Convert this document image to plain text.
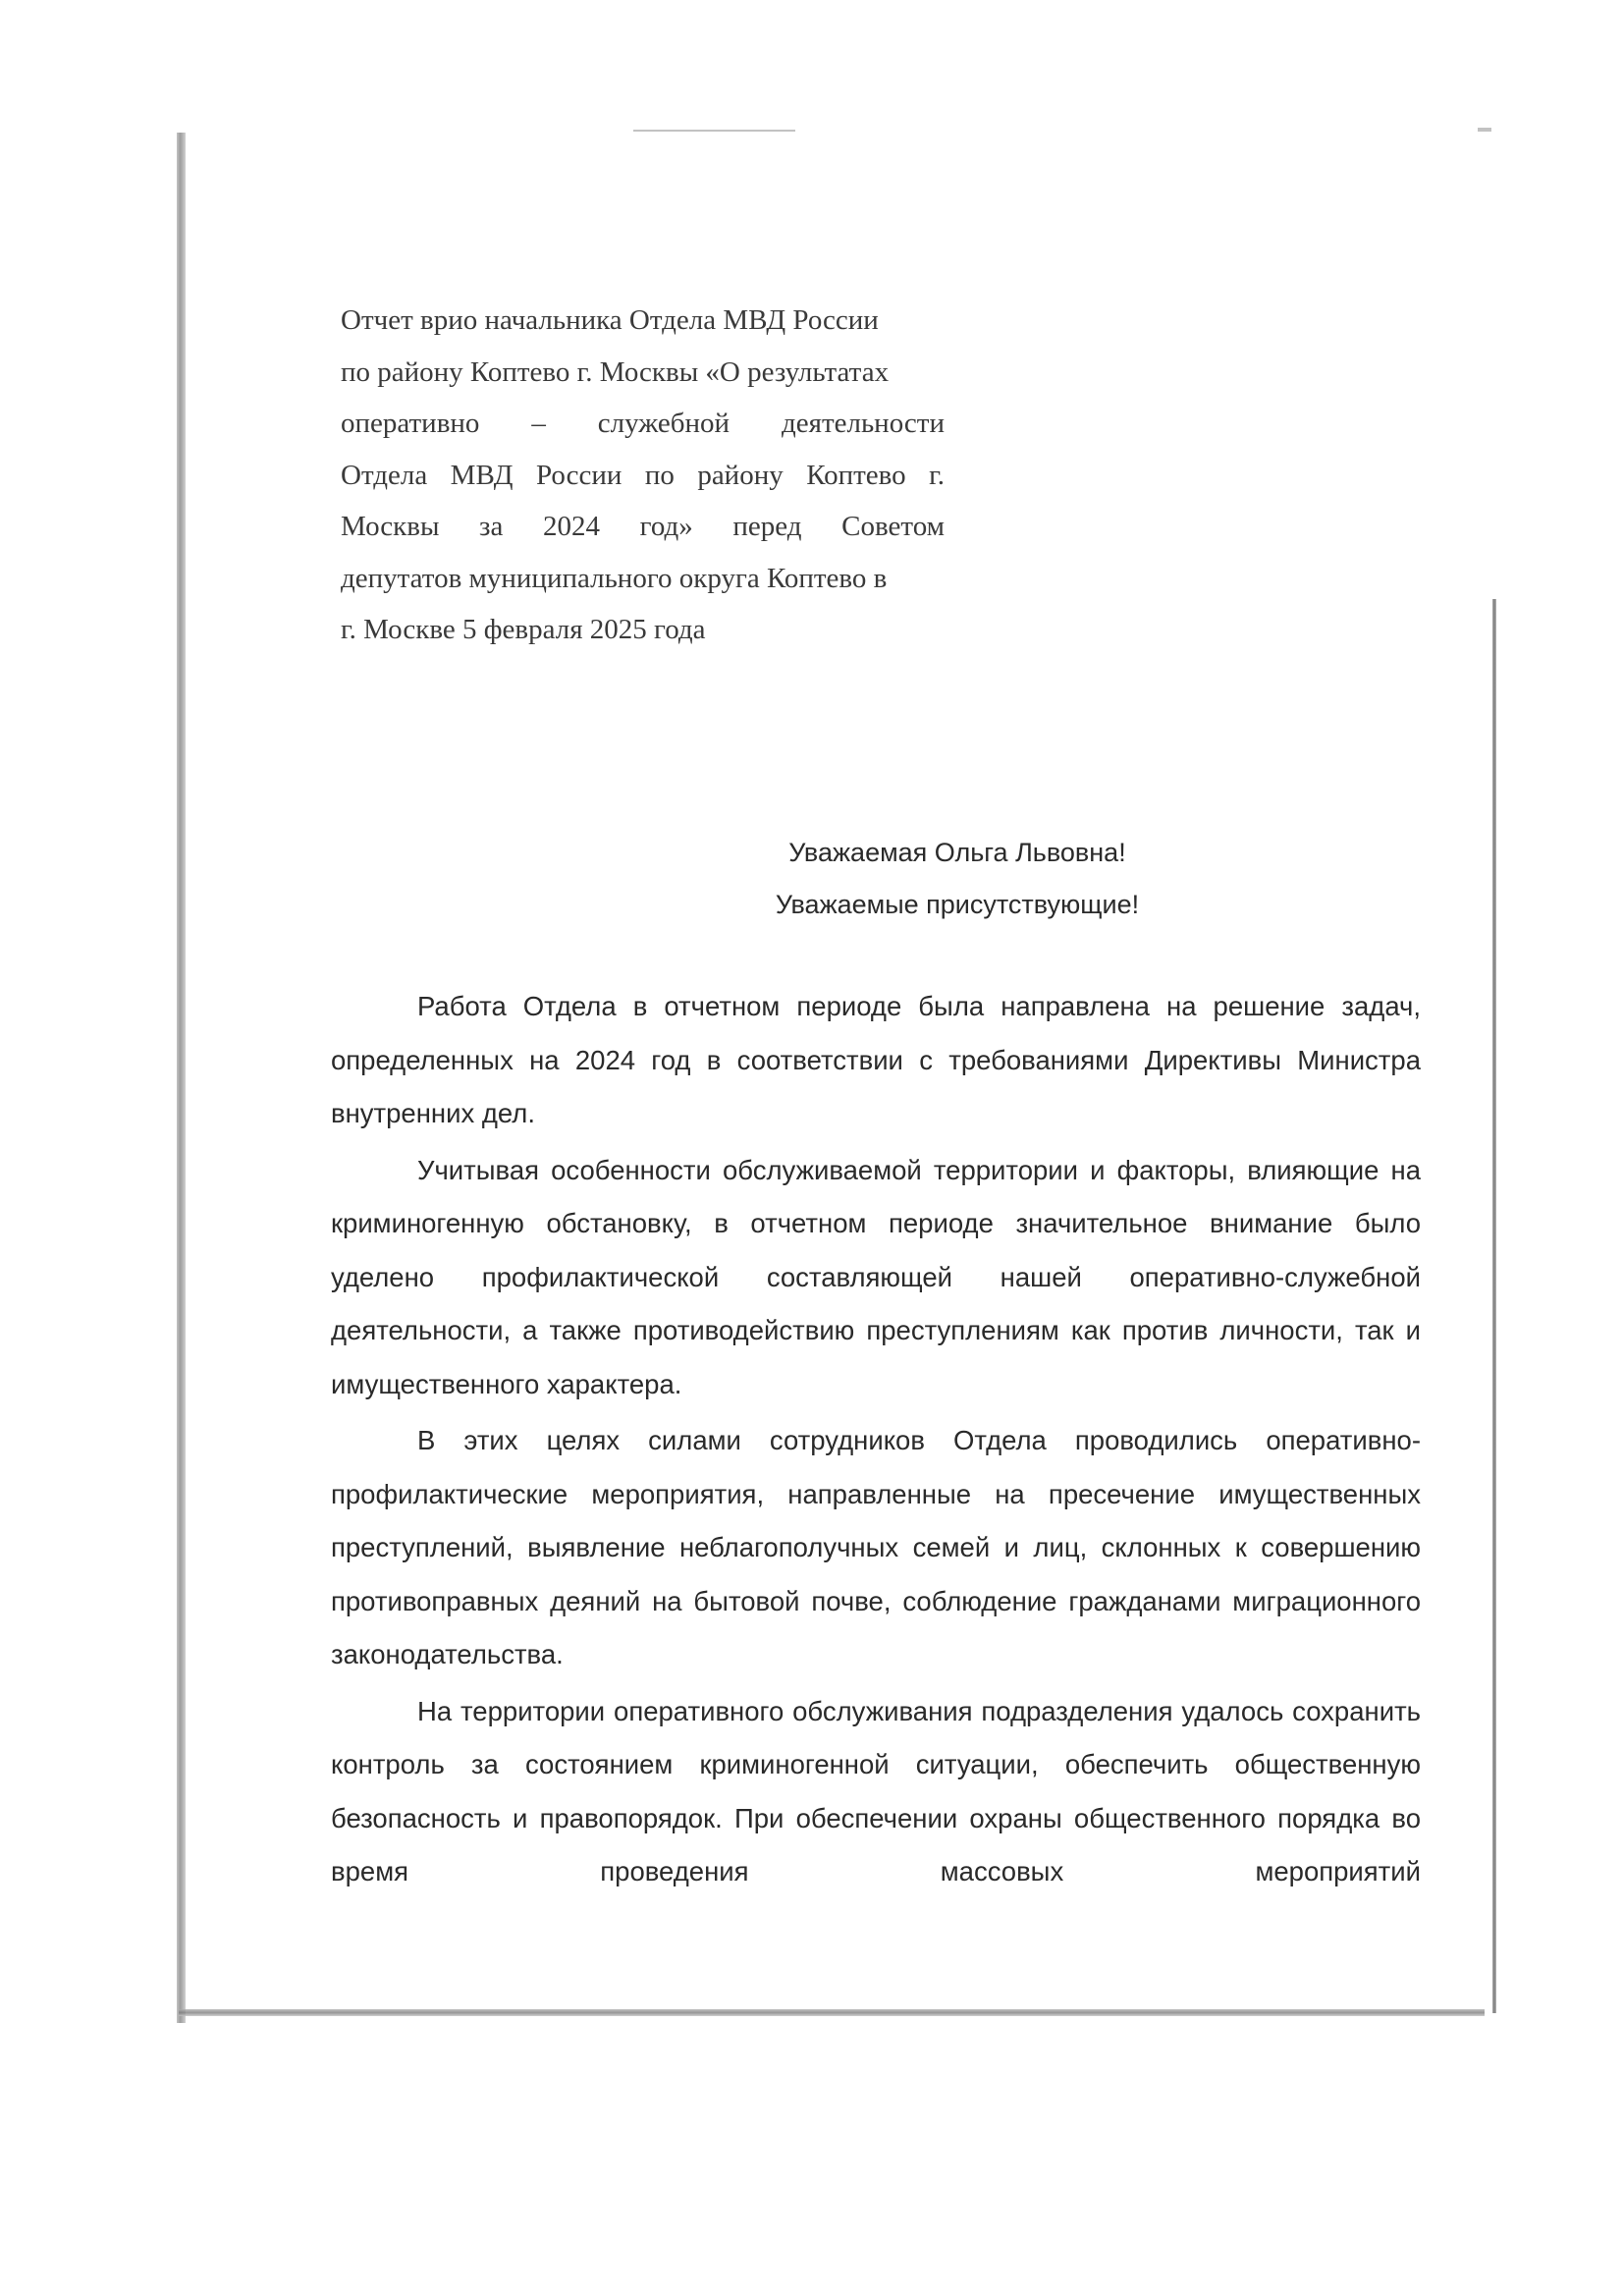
Отчет врио начальника Отдела МВД России
по району Коптево г. Москвы «О результатах
оперативно – служебной деятельности
Отдела МВД России по району Коптево г.
Москвы за 2024 год» перед Советом
депутатов муниципального округа Коптево в
г. Москве 5 февраля 2025 года
Уважаемая Ольга Львовна!
Уважаемые присутствующие!

Работа Отдела в отчетном периоде была направлена на решение задач, определенных на 2024 год в соответствии с требованиями Директивы Министра внутренних дел.

Учитывая особенности обслуживаемой территории и факторы, влияющие на криминогенную обстановку, в отчетном периоде значительное внимание было уделено профилактической составляющей нашей оперативно-служебной деятельности, а также противодействию преступлениям как против личности, так и имущественного характера.

В этих целях силами сотрудников Отдела проводились оперативно-профилактические мероприятия, направленные на пресечение имущественных преступлений, выявление неблагополучных семей и лиц, склонных к совершению противоправных деяний на бытовой почве, соблюдение гражданами миграционного законодательства.

На территории оперативного обслуживания подразделения удалось сохранить контроль за состоянием криминогенной ситуации, обеспечить общественную безопасность и правопорядок. При обеспечении охраны общественного порядка во время проведения массовых мероприятий
